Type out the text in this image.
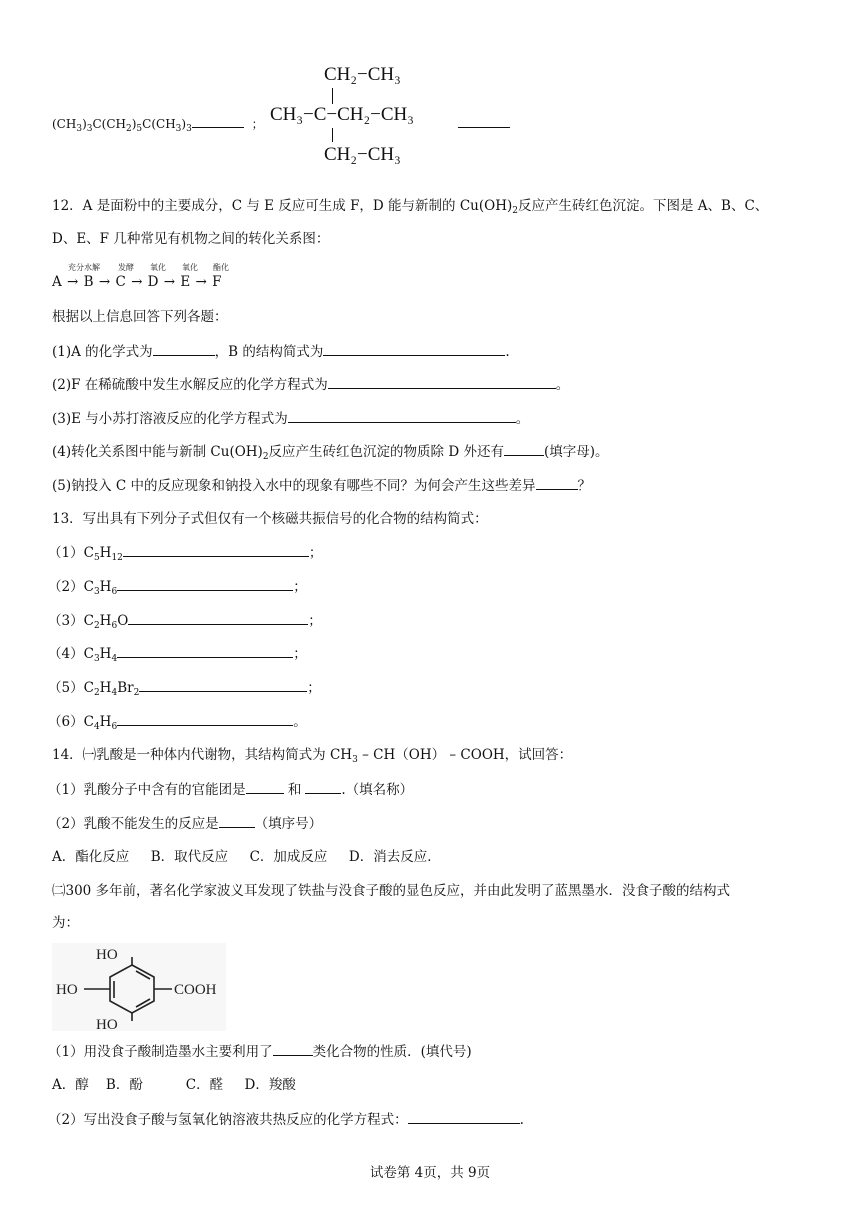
$(CH_3)_3C(CH_2)_5C(CH_3)_3$	；
CH₂−CH₃
CH₃−C−CH₂−CH₃
CH₂−CH₃
12．A 是面粉中的主要成分，C 与 E 反应可生成 F，D 能与新制的 $Cu(OH)_2$反应产生砖红色沉淀。下图是 A、B、C、
D、E、F 几种常见有机物之间的转化关系图：
充分水解 发酵 氧化 氧化 酯化
A → B → C → D → E → F
根据以上信息回答下列各题：
(1)A 的化学式为	，B 的结构简式为	.
(2)F 在稀硫酸中发生水解反应的化学方程式为	。
(3)E 与小苏打溶液反应的化学方程式为	。
(4)转化关系图中能与新制 $Cu(OH)_2$反应产生砖红色沉淀的物质除 D 外还有	(填字母)。
(5)钠投入 C 中的反应现象和钠投入水中的现象有哪些不同？为何会产生这些差异	？
13．写出具有下列分子式但仅有一个核磁共振信号的化合物的结构简式：
$(1)C_5H_{12}$	；
$(2)C_3H_6$	；
$(3)C_2H_6O$	；
$(4)C_3H_4$	；
$(5)C_2H_4Br_2$	；
$(6)C_4H_6$	。
14．㈠乳酸是一种体内代谢物，其结构简式为 $CH_3 - CH(OH)$ – COOH，试回答：
（1）乳酸分子中含有的官能团是	和	.（填名称）
（2）乳酸不能发生的反应是	（填序号）
A．酯化反应     B．取代反应     C．加成反应     D．消去反应．
㈡300 多年前，著名化学家波义耳发现了铁盐与没食子酸的显色反应，并由此发明了蓝黑墨水．没食子酸的结构式
为：
HO
HO
HO
COOH
（1）用没食子酸制造墨水主要利用了	类化合物的性质．(填代号)
A．醇    B．酚          C．醛     D．羧酸
（2）写出没食子酸与氢氧化钠溶液共热反应的化学方程式：	.
试卷第 4页，共 9页
